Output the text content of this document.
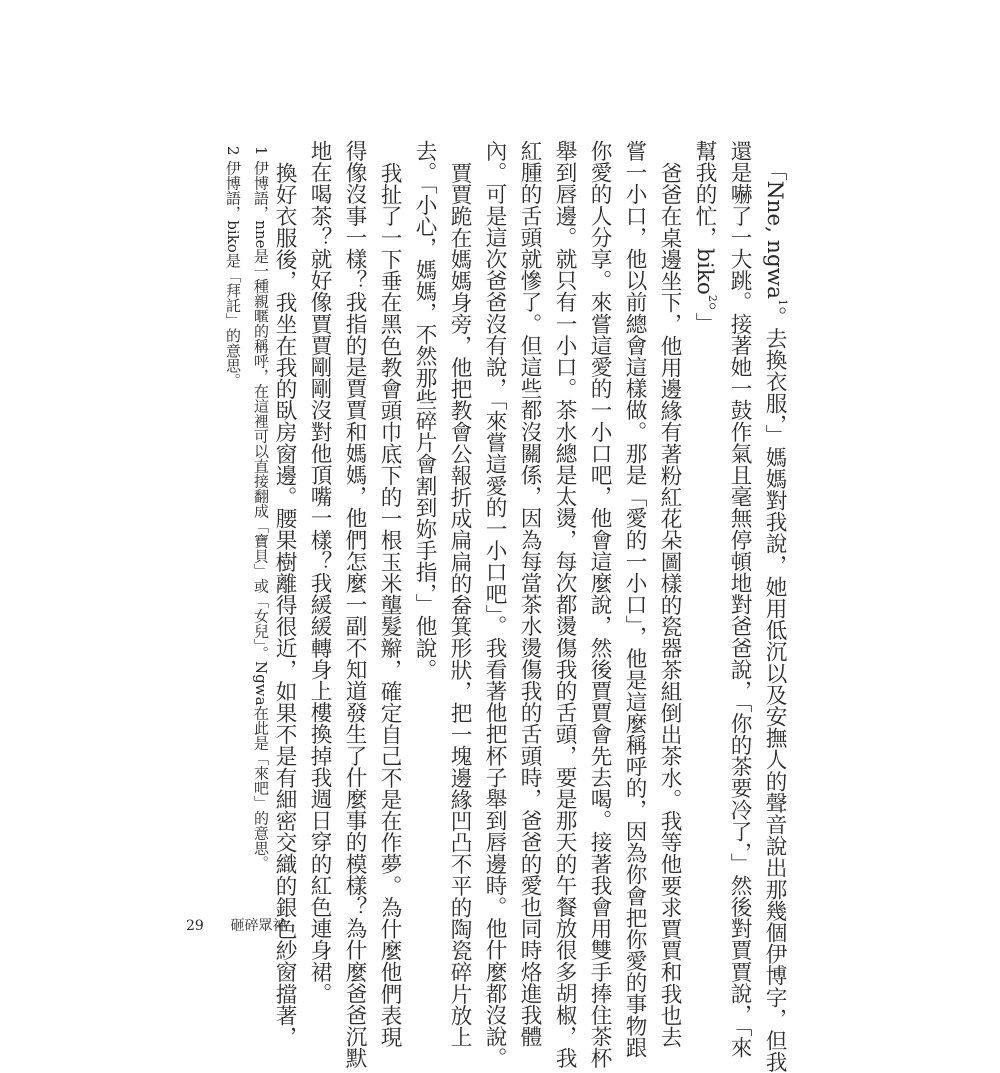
「Nne, ngwa$^1$。去換衣服，」媽媽對我說，她用低沉以及安撫人的聲音說出那幾個伊博字，但我
還是嚇了一大跳。接著她一鼓作氣且毫無停頓地對爸爸說，「你的茶要冷了，」然後對賈賈說，「來
幫我的忙，biko$^2$。」
爸爸在桌邊坐下，他用邊緣有著粉紅花朵圖樣的瓷器茶組倒出茶水。我等他要求賈賈和我也去
嘗一小口，他以前總會這樣做。那是「愛的一小口」，他是這麼稱呼的，因為你會把你愛的事物跟
你愛的人分享。來嘗這愛的一小口吧，他會這麼說，然後賈賈會先去喝。接著我會用雙手捧住茶杯
舉到唇邊。就只有一小口。茶水總是太燙，每次都燙傷我的舌頭，要是那天的午餐放很多胡椒，我
紅腫的舌頭就慘了。但這些都沒關係，因為每當茶水燙傷我的舌頭時，爸爸的愛也同時烙進我體
內。可是這次爸爸沒有說，「來嘗這愛的一小口吧」。我看著他把杯子舉到唇邊時。他什麼都沒說。
賈賈跪在媽媽身旁，他把教會公報折成扁扁的畚箕形狀，把一塊邊緣凹凸不平的陶瓷碎片放上
去。「小心，媽媽，不然那些碎片會割到妳手指，」他說。
我扯了一下垂在黑色教會頭巾底下的一根玉米壟髮辮，確定自己不是在作夢。為什麼他們表現
得像沒事一樣？我指的是賈賈和媽媽，他們怎麼一副不知道發生了什麼事的模樣？為什麼爸爸沉默
地在喝茶？就好像賈賈剛剛沒對他頂嘴一樣？我緩緩轉身上樓換掉我週日穿的紅色連身裙。
換好衣服後，我坐在我的臥房窗邊。腰果樹離得很近，如果不是有細密交織的銀色紗窗擋著，
1 伊博語，nne是一種親暱的稱呼，在這裡可以直接翻成「寶貝」或「女兒」。Ngwa在此是「來吧」的意思。
2 伊博語，biko是「拜託」的意思。
29 砸碎眾神
